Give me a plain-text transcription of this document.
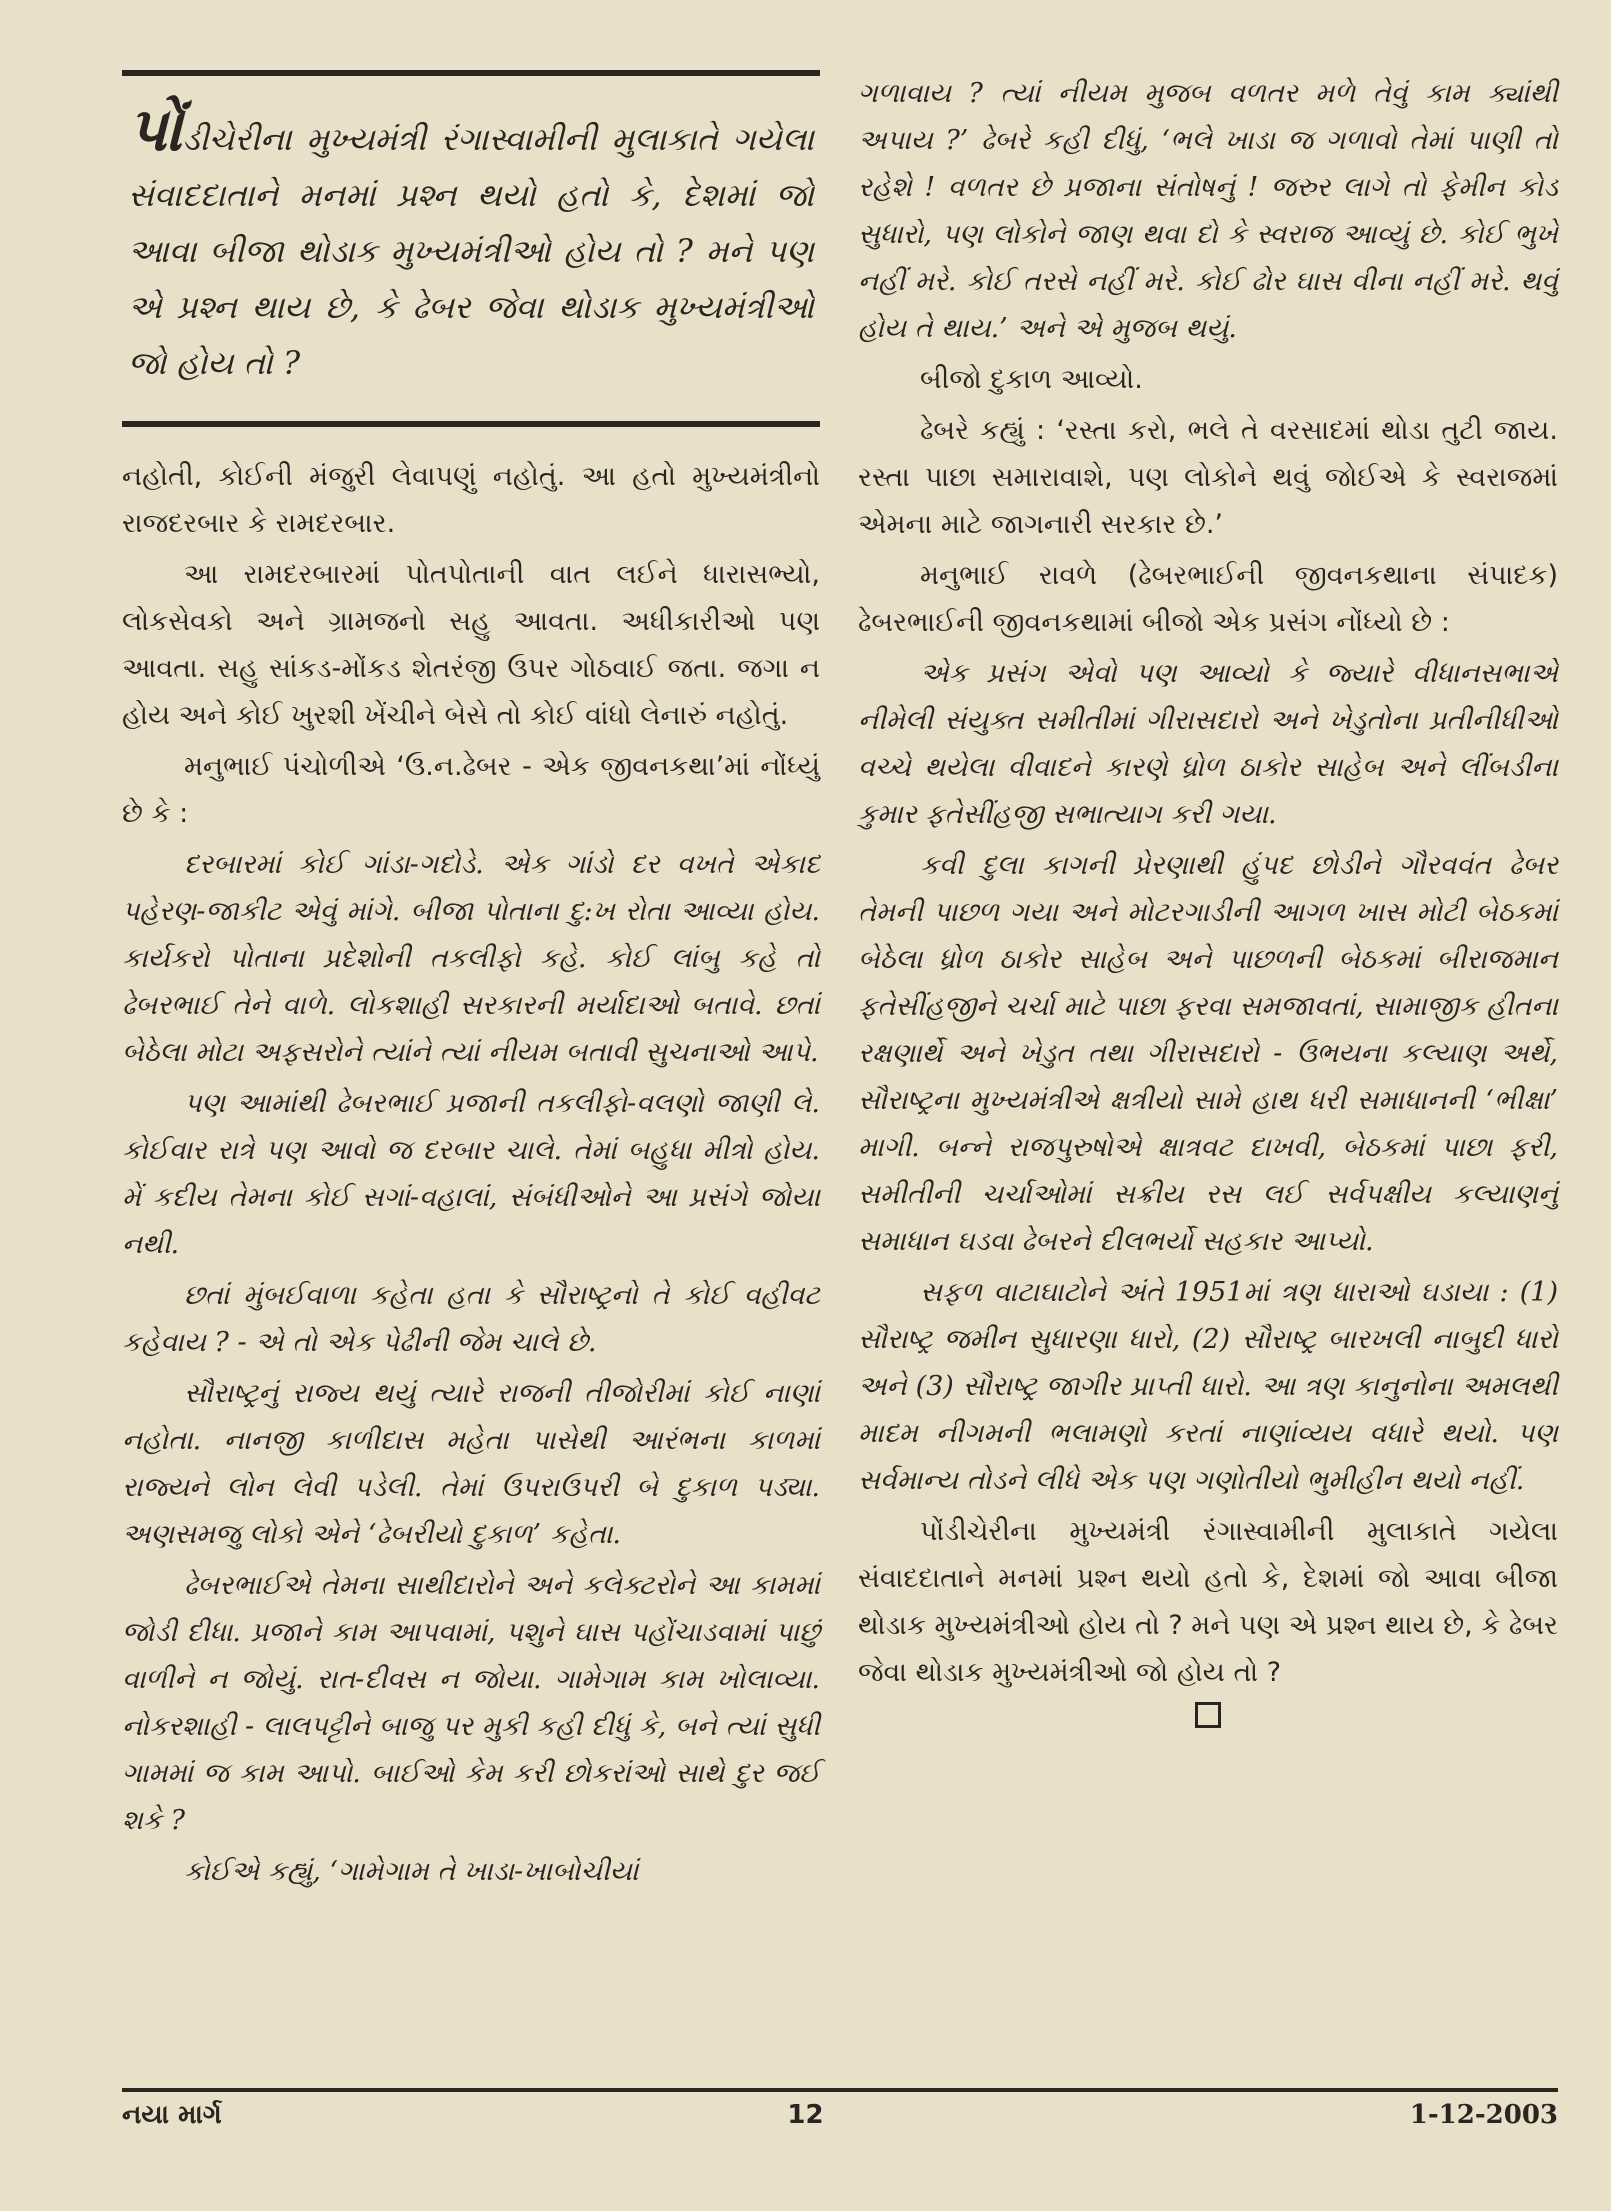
પોંડીચેરીના મુખ્યમંત્રી રંગાસ્વામીની મુલાકાતે ગયેલા સંવાદદાતાને મનમાં પ્રશ્ન થયો હતો કે, દેશમાં જો આવા બીજા થોડાક મુખ્યમંત્રીઓ હોય તો ? મને પણ એ પ્રશ્ન થાય છે, કે ઢેબર જેવા થોડાક મુખ્યમંત્રીઓ જો હોય તો ?

નહોતી, કોઈની મંજુરી લેવાપણું નહોતું. આ હતો મુખ્યમંત્રીનો રાજદરબાર કે રામદરબાર.

આ રામદરબારમાં પોતપોતાની વાત લઈને ધારાસભ્યો, લોકસેવકો અને ગ્રામજનો સહુ આવતા. અધીકારીઓ પણ આવતા. સહુ સાંકડ-મોંકડ શેતરંજી ઉપર ગોઠવાઈ જતા. જગા ન હોય અને કોઈ ખુરશી ખેંચીને બેસે તો કોઈ વાંધો લેનારું નહોતું.

મનુભાઈ પંચોળીએ ‘ઉ.ન.ઢેબર - એક જીવનકથા’માં નોંધ્યું છે કે :

દરબારમાં કોઈ ગાંડા-ગદોડે. એક ગાંડો દર વખતે એકાદ પહેરણ-જાકીટ એવું માંગે. બીજા પોતાના દુ:ખ રોતા આવ્યા હોય. કાર્યકરો પોતાના પ્રદેશોની તકલીફો કહે. કોઈ લાંબુ કહે તો ઢેબરભાઈ તેને વાળે. લોકશાહી સરકારની મર્યાદાઓ બતાવે. છતાં બેઠેલા મોટા અફસરોને ત્યાંને ત્યાં નીયમ બતાવી સુચનાઓ આપે.

પણ આમાંથી ઢેબરભાઈ પ્રજાની તકલીફો-વલણો જાણી લે. કોઈવાર રાત્રે પણ આવો જ દરબાર ચાલે. તેમાં બહુધા મીત્રો હોય. મેં કદીય તેમના કોઈ સગાં-વહાલાં, સંબંધીઓને આ પ્રસંગે જોયા નથી.

છતાં મુંબઈવાળા કહેતા હતા કે સૌરાષ્ટ્રનો તે કોઈ વહીવટ કહેવાય ? - એ તો એક પેઢીની જેમ ચાલે છે.

સૌરાષ્ટ્રનું રાજ્ય થયું ત્યારે રાજની તીજોરીમાં કોઈ નાણાં નહોતા. નાનજી કાળીદાસ મહેતા પાસેથી આરંભના કાળમાં રાજ્યને લોન લેવી પડેલી. તેમાં ઉપરાઉપરી બે દુકાળ પડ્યા. અણસમજુ લોકો એને ‘ઢેબરીયો દુકાળ’ કહેતા.

ઢેબરભાઈએ તેમના સાથીદારોને અને કલેક્ટરોને આ કામમાં જોડી દીધા. પ્રજાને કામ આપવામાં, પશુને ઘાસ પહોંચાડવામાં પાછું વાળીને ન જોયું. રાત-દીવસ ન જોયા. ગામેગામ કામ ખોલાવ્યા. નોકરશાહી - લાલપટ્ટીને બાજુ પર મુકી કહી દીધું કે, બને ત્યાં સુધી ગામમાં જ કામ આપો. બાઈઓ કેમ કરી છોકરાંઓ સાથે દુર જઈ શકે ?

કોઈએ કહ્યું, ‘ગામેગામ તે ખાડા-ખાબોચીયાં

ગળાવાય ? ત્યાં નીયમ મુજબ વળતર મળે તેવું કામ ક્યાંથી અપાય ?’ ઢેબરે કહી દીધું, ‘ભલે ખાડા જ ગળાવો તેમાં પાણી તો રહેશે ! વળતર છે પ્રજાના સંતોષનું ! જરુર લાગે તો ફેમીન કોડ સુધારો, પણ લોકોને જાણ થવા દો કે સ્વરાજ આવ્યું છે. કોઈ ભુખે નહીં મરે. કોઈ તરસે નહીં મરે. કોઈ ઢોર ઘાસ વીના નહીં મરે. થવું હોય તે થાય.’ અને એ મુજબ થયું.

બીજો દુકાળ આવ્યો.

ઢેબરે કહ્યું : ‘રસ્તા કરો, ભલે તે વરસાદમાં થોડા તુટી જાય. રસ્તા પાછા સમારાવાશે, પણ લોકોને થવું જોઈએ કે સ્વરાજમાં એમના માટે જાગનારી સરકાર છે.’

મનુભાઈ રાવળે (ઢેબરભાઈની જીવનકથાના સંપાદક) ઢેબરભાઈની જીવનકથામાં બીજો એક પ્રસંગ નોંધ્યો છે :

એક પ્રસંગ એવો પણ આવ્યો કે જ્યારે વીધાનસભાએ નીમેલી સંયુક્ત સમીતીમાં ગીરાસદારો અને ખેડુતોના પ્રતીનીધીઓ વચ્ચે થયેલા વીવાદને કારણે ધ્રોળ ઠાકોર સાહેબ અને લીંબડીના કુમાર ફતેસીંહજી સભાત્યાગ કરી ગયા.

કવી દુલા કાગની પ્રેરણાથી હુંપદ છોડીને ગૌરવવંત ઢેબર તેમની પાછળ ગયા અને મોટરગાડીની આગળ ખાસ મોટી બેઠકમાં બેઠેલા ધ્રોળ ઠાકોર સાહેબ અને પાછળની બેઠકમાં બીરાજમાન ફતેસીંહજીને ચર્ચા માટે પાછા ફરવા સમજાવતાં, સામાજીક હીતના રક્ષણાર્થે અને ખેડુત તથા ગીરાસદારો - ઉભયના કલ્યાણ અર્થે, સૌરાષ્ટ્રના મુખ્યમંત્રીએ ક્ષત્રીયો સામે હાથ ધરી સમાધાનની ‘ભીક્ષા’ માગી. બન્ને રાજપુરુષોએ ક્ષાત્રવટ દાખવી, બેઠકમાં પાછા ફરી, સમીતીની ચર્ચાઓમાં સક્રીય રસ લઈ સર્વપક્ષીય કલ્યાણનું સમાધાન ઘડવા ઢેબરને દીલભર્યો સહકાર આપ્યો.

સફળ વાટાઘાટોને અંતે 1951માં ત્રણ ધારાઓ ઘડાયા : (1) સૌરાષ્ટ્ર જમીન સુધારણા ધારો, (2) સૌરાષ્ટ્ર બારખલી નાબુદી ધારો અને (3) સૌરાષ્ટ્ર જાગીર પ્રાપ્તી ધારો. આ ત્રણ કાનુનોના અમલથી માદમ નીગમની ભલામણો કરતાં નાણાંવ્યય વધારે થયો. પણ સર્વમાન્ય તોડને લીધે એક પણ ગણોતીયો ભુમીહીન થયો નહીં.

પોંડીચેરીના મુખ્યમંત્રી રંગાસ્વામીની મુલાકાતે ગયેલા સંવાદદાતાને મનમાં પ્રશ્ન થયો હતો કે, દેશમાં જો આવા બીજા થોડાક મુખ્યમંત્રીઓ હોય તો ? મને પણ એ પ્રશ્ન થાય છે, કે ઢેબર જેવા થોડાક મુખ્યમંત્રીઓ જો હોય તો ?

નયા માર્ગ	12	1-12-2003
